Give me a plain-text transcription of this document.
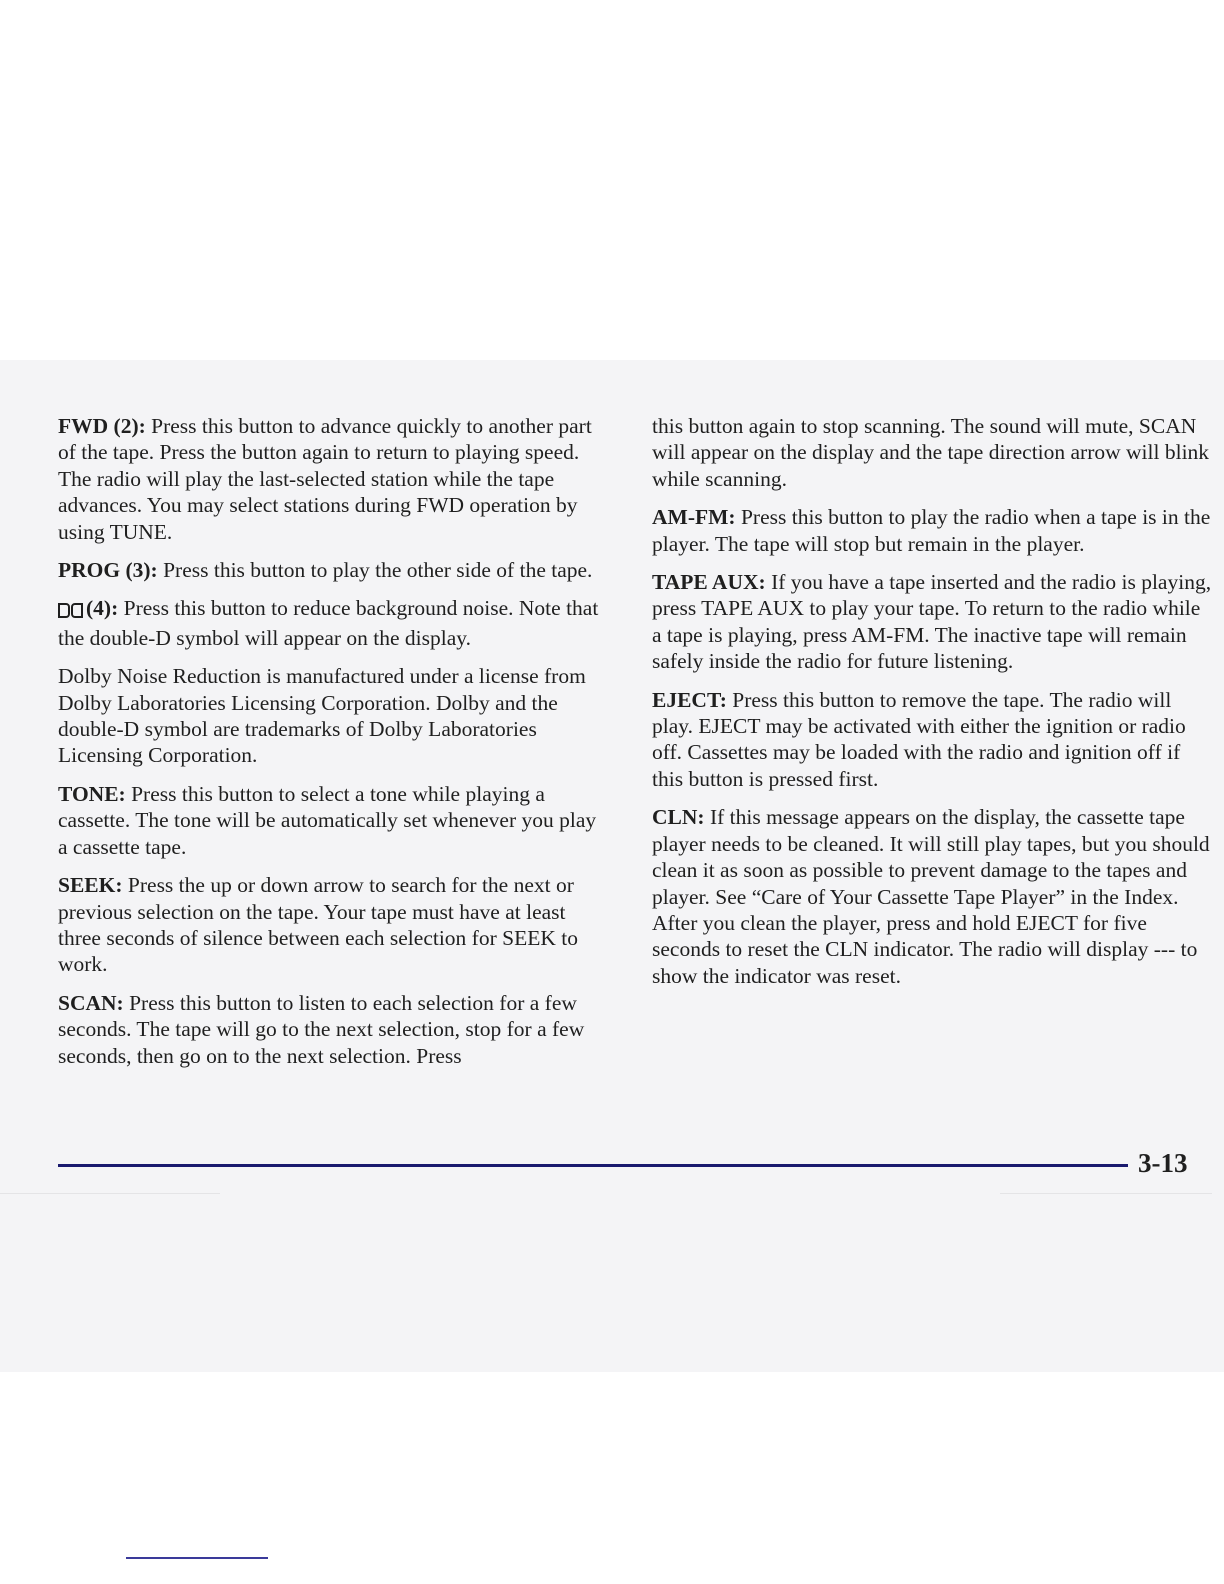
FWD (2): Press this button to advance quickly to another part of the tape. Press the button again to return to playing speed. The radio will play the last-selected station while the tape advances. You may select stations during FWD operation by using TUNE.

PROG (3): Press this button to play the other side of the tape.

(4): Press this button to reduce background noise. Note that the double-D symbol will appear on the display.

Dolby Noise Reduction is manufactured under a license from Dolby Laboratories Licensing Corporation. Dolby and the double-D symbol are trademarks of Dolby Laboratories Licensing Corporation.

TONE: Press this button to select a tone while playing a cassette. The tone will be automatically set whenever you play a cassette tape.

SEEK: Press the up or down arrow to search for the next or previous selection on the tape. Your tape must have at least three seconds of silence between each selection for SEEK to work.

SCAN: Press this button to listen to each selection for a few seconds. The tape will go to the next selection, stop for a few seconds, then go on to the next selection. Press

this button again to stop scanning. The sound will mute, SCAN will appear on the display and the tape direction arrow will blink while scanning.

AM-FM: Press this button to play the radio when a tape is in the player. The tape will stop but remain in the player.

TAPE AUX: If you have a tape inserted and the radio is playing, press TAPE AUX to play your tape. To return to the radio while a tape is playing, press AM-FM. The inactive tape will remain safely inside the radio for future listening.

EJECT: Press this button to remove the tape. The radio will play. EJECT may be activated with either the ignition or radio off. Cassettes may be loaded with the radio and ignition off if this button is pressed first.

CLN: If this message appears on the display, the cassette tape player needs to be cleaned. It will still play tapes, but you should clean it as soon as possible to prevent damage to the tapes and player. See “Care of Your Cassette Tape Player” in the Index. After you clean the player, press and hold EJECT for five seconds to reset the CLN indicator. The radio will display --- to show the indicator was reset.

3-13
